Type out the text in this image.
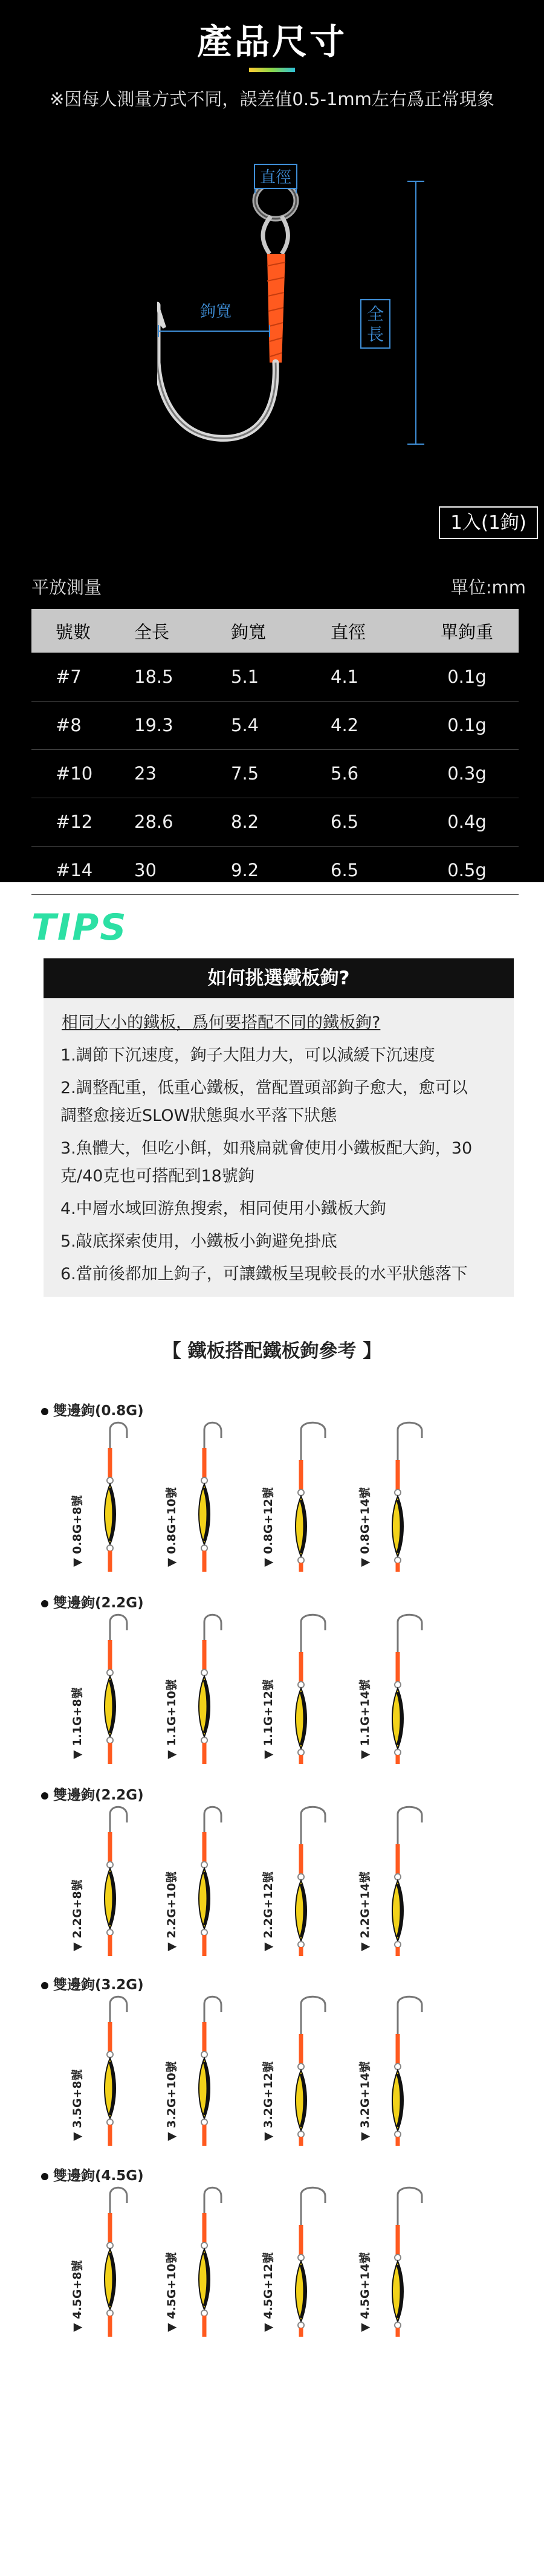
產品尺寸
※因每人測量方式不同，誤差值0.5-1mm左右爲正常現象
全
長
直徑
鉤寬
1入(1鉤)
平放測量	單位:mm
號數	全長	鉤寬	直徑	單鉤重
#7	18.5	5.1	4.1	0.1g
#8	19.3	5.4	4.2	0.1g
#10	23	7.5	5.6	0.3g
#12	28.6	8.2	6.5	0.4g
#14	30	9.2	6.5	0.5g
TIPS
如何挑選鐵板鉤?
相同大小的鐵板，爲何要搭配不同的鐵板鉤?
1.調節下沉速度，鉤子大阻力大，可以減緩下沉速度
2.調整配重，低重心鐵板，當配置頭部鉤子愈大，愈可以
調整愈接近SLOW狀態與水平落下狀態
3.魚體大，但吃小餌，如飛扁就會使用小鐵板配大鉤，30
克/40克也可搭配到18號鉤
4.中層水域回游魚搜索，相同使用小鐵板大鉤
5.敲底探索使用，小鐵板小鉤避免掛底
6.當前後都加上鉤子，可讓鐵板呈現較長的水平狀態落下
【 鐵板搭配鐵板鉤參考 】
雙邊鉤(0.8G)
▼ 0.8G+8號
▼ 0.8G+10號
▼ 0.8G+12號
▼ 0.8G+14號
雙邊鉤(2.2G)
▼ 1.1G+8號
▼ 1.1G+10號
▼ 1.1G+12號
▼ 1.1G+14號
雙邊鉤(2.2G)
▼ 2.2G+8號
▼ 2.2G+10號
▼ 2.2G+12號
▼ 2.2G+14號
雙邊鉤(3.2G)
▼ 3.5G+8號
▼ 3.2G+10號
▼ 3.2G+12號
▼ 3.2G+14號
雙邊鉤(4.5G)
▼ 4.5G+8號
▼ 4.5G+10號
▼ 4.5G+12號
▼ 4.5G+14號
